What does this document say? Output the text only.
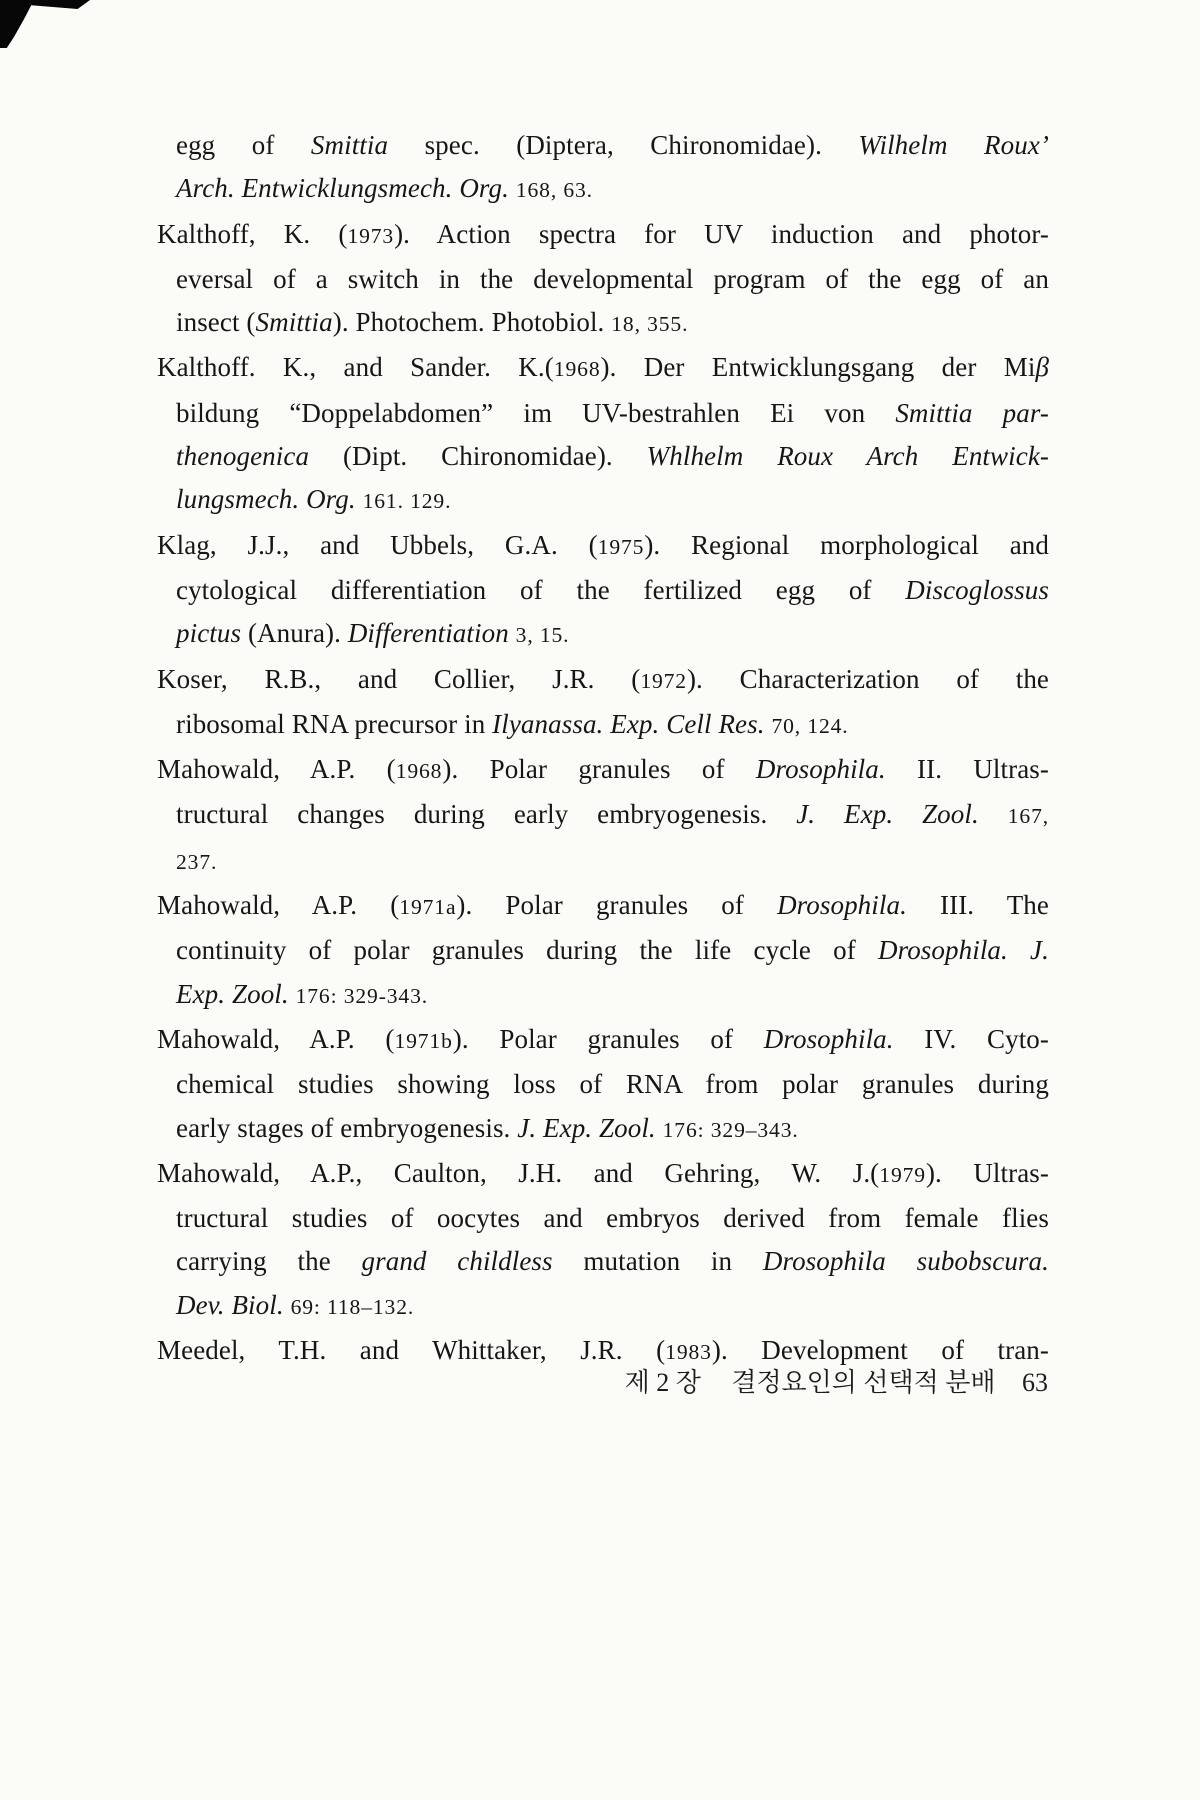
egg of Smittia spec. (Diptera, Chironomidae). Wilhelm Roux’
Arch. Entwicklungsmech. Org. 168, 63.
Kalthoff, K. (1973). Action spectra for UV induction and photor-
eversal of a switch in the developmental program of the egg of an
insect (Smittia). Photochem. Photobiol. 18, 355.
Kalthoff. K., and Sander. K.(1968). Der Entwicklungsgang der Miβ
bildung “Doppelabdomen” im UV-bestrahlen Ei von Smittia par-
thenogenica (Dipt. Chironomidae). Whlhelm Roux Arch Entwick-
lungsmech. Org. 161. 129.
Klag, J.J., and Ubbels, G.A. (1975). Regional morphological and
cytological differentiation of the fertilized egg of Discoglossus
pictus (Anura). Differentiation 3, 15.
Koser, R.B., and Collier, J.R. (1972). Characterization of the
ribosomal RNA precursor in Ilyanassa. Exp. Cell Res. 70, 124.
Mahowald, A.P. (1968). Polar granules of Drosophila. II. Ultras-
tructural changes during early embryogenesis. J. Exp. Zool. 167,
237.
Mahowald, A.P. (1971a). Polar granules of Drosophila. III. The
continuity of polar granules during the life cycle of Drosophila. J.
Exp. Zool. 176: 329-343.
Mahowald, A.P. (1971b). Polar granules of Drosophila. IV. Cyto-
chemical studies showing loss of RNA from polar granules during
early stages of embryogenesis. J. Exp. Zool. 176: 329–343.
Mahowald, A.P., Caulton, J.H. and Gehring, W. J.(1979). Ultras-
tructural studies of oocytes and embryos derived from female flies
carrying the grand childless mutation in Drosophila subobscura.
Dev. Biol. 69: 118–132.
Meedel, T.H. and Whittaker, J.R. (1983). Development of tran-
제 2 장 결정요인의 선택적 분배 63
